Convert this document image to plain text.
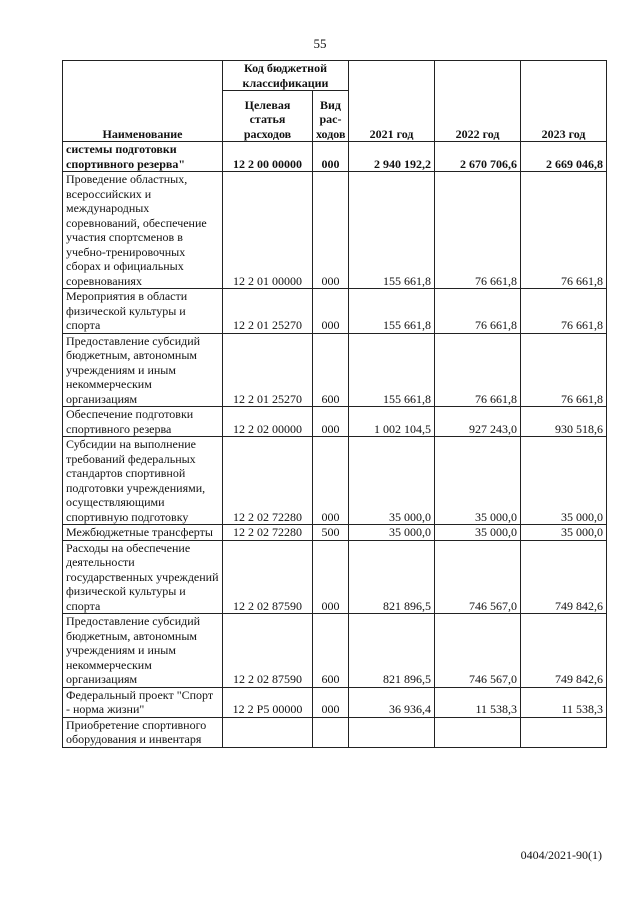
55
Наименование	Код бюджетной классификации		2021 год	2022 год	2023 год
	Целевая статья расходов	Вид рас-ходов			
системы подготовки спортивного резерва"	12 2 00 00000	000	2 940 192,2	2 670 706,6	2 669 046,8
Проведение областных, всероссийских и международных соревнований, обеспечение участия спортсменов в учебно-тренировочных сборах и официальных соревнованиях	12 2 01 00000	000	155 661,8	76 661,8	76 661,8
Мероприятия в области физической культуры и спорта	12 2 01 25270	000	155 661,8	76 661,8	76 661,8
Предоставление субсидий бюджетным, автономным учреждениям и иным некоммерческим организациям	12 2 01 25270	600	155 661,8	76 661,8	76 661,8
Обеспечение подготовки спортивного резерва	12 2 02 00000	000	1 002 104,5	927 243,0	930 518,6
Субсидии на выполнение требований федеральных стандартов спортивной подготовки учреждениями, осуществляющими спортивную подготовку	12 2 02 72280	000	35 000,0	35 000,0	35 000,0
Межбюджетные трансферты	12 2 02 72280	500	35 000,0	35 000,0	35 000,0
Расходы на обеспечение деятельности государственных учреждений физической культуры и спорта	12 2 02 87590	000	821 896,5	746 567,0	749 842,6
Предоставление субсидий бюджетным, автономным учреждениям и иным некоммерческим организациям	12 2 02 87590	600	821 896,5	746 567,0	749 842,6
Федеральный проект "Спорт - норма жизни"	12 2 P5 00000	000	36 936,4	11 538,3	11 538,3
Приобретение спортивного оборудования и инвентаря					
0404/2021-90(1)
